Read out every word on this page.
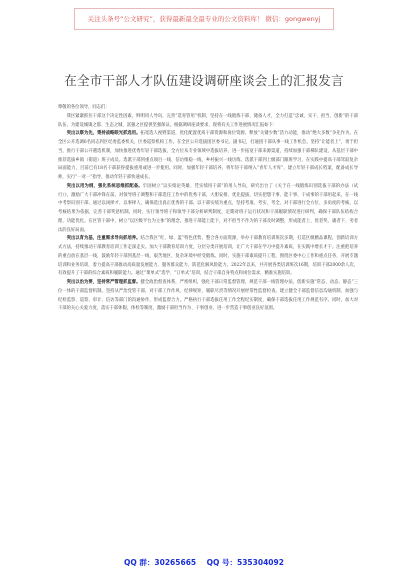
关注头条号“公文研究”，获得最新最全最专业的公文资料库！ 微信：gongwenyj
在全市干部人才队伍建设调研座谈会上的汇报发言

尊敬的各位领导，同志们：

我区紧紧抓住干部这个决定性因素，鲜明用人导向，完善“选育管用”机制，坚持在一线锻炼干部、储备人才，全力打造“忠诚、实干、担当、创新”的干部队伍，为建设城镇之都、生态之城、富强之区提供坚强保证。根据调研座谈要求，现将有关工作进展情况汇报如下：

突出以察为先，秉持战略眼光抓选用。拓宽选人视野渠道，优化配置优质干部资源和岗位资源，释放“关键少数”活力动能，推动“绝大多数”争先作为。在全区公开选调6名同志到区纪委监委机关，区委巡察机构工作。在全区公开选拔团区委书记，副书记，打通团干部从事一线工作机会。坚持“让能者上”，勇于担当，推行干部公开遴选机制，加快推进优秀年轻干部选拔，全方位从专业领域中选拔培养，进一步拓宽干部来源渠道，持续加强干部梯队建设，从基层干部中推荐选拔乡镇（街道）班子成员。选派干部到重点项目一线、信访维稳一线、乡村振兴一线历练，选派干部到上级部门跟班学习，在实践中提高干部驾驭复杂局面能力，目前已有18名干部获得提拔重用或进一步使用。同时，加强年轻干部培养，将年轻干部纳入“青年人才库”，建立年轻干部成长档案，配备成长导师，实行“一对一”指导，推动年轻干部快速成长。

突出以用为纲，强化系统思维抓配备。牢固树立“以实绩论英雄、凭实绩用干部”的用人导向，研究出台了《关于在一线锻炼识别选拔干部的办法（试行）》，激励广大干部冲锋在前。对领导班子调整和干部选任工作中的优秀干部，大胆安排、优先提拔，切实把想干事、能干事、干成事的干部用起来。在一线中考察识别干部、通过以岗择才、以事择人，确保选出真正优秀的干部。以干部实绩为重点，坚持考准、考实、考全，对干部进行全方位、多角度的考核，以考核结果为依据，完善干部奖惩机制。同时，实行领导班子和领导干部分析研判制度，定期对班子运行状况和干部履职情况进行研判，确保干部队伍结构合理、功能优化。在区管干部中，树立“以区级平台为主体”的理念，推进干部能上能下，对不担当不作为的干部及时调整，形成能者上、优者奖、庸者下、劣者汰的良好局面。

突出以育为基，注重需求导向抓培养。结合我区“红、绿、蓝”特色优势，整合各方面资源，举办干部教育培训班次多期，打造区级精品课程，创新培训方式方法，持续推动干部教育培训工作走深走实。加大干部教育培训力度，分层分类开展培训，让广大干部在学习中提升素质，在实践中增长才干。注重把培养的重点放在基层一线，鼓励年轻干部到基层一线、艰苦地区、复杂环境中经受锻炼。同时，实施干部素质提升工程，围绕区委中心工作和重点任务，开展专题培训和业务培训，着力提高干部推动高质量发展能力、服务群众能力、防范化解风险能力。2022年以来，共开展各类培训班次16期，培训干部2000余人次，有效提升了干部的综合素质和履职能力。通过“菜单式”选学、“订单式”培训，结合干部自身特点和岗位需求，精准实施培训。

突出以治为要，坚持常严管理抓监督。健全政治督查体系，严密组织，强化干部日常监督管理，规范干部一线管理办法，创新实施“常态、动态、静态”三位一体的干部监督机制。坚持从严治党管干部，对干部工作作风、纪律规矩、履职尽责等情况开展经常性监督检查。建立健全干部监督信息沟通机制，加强与纪检监察、巡察、审计、信访等部门的沟通协作，形成监督合力。严格执行干部选拔任用工作全程纪实制度，确保干部选拔任用工作规范有序。同时，加大对干部的关心关爱力度，落实干部休假、体检等制度，激励干部担当作为、干事创业，进一步营造干事创业良好氛围。

QQ 群：30265665 QQ 号：535304092
